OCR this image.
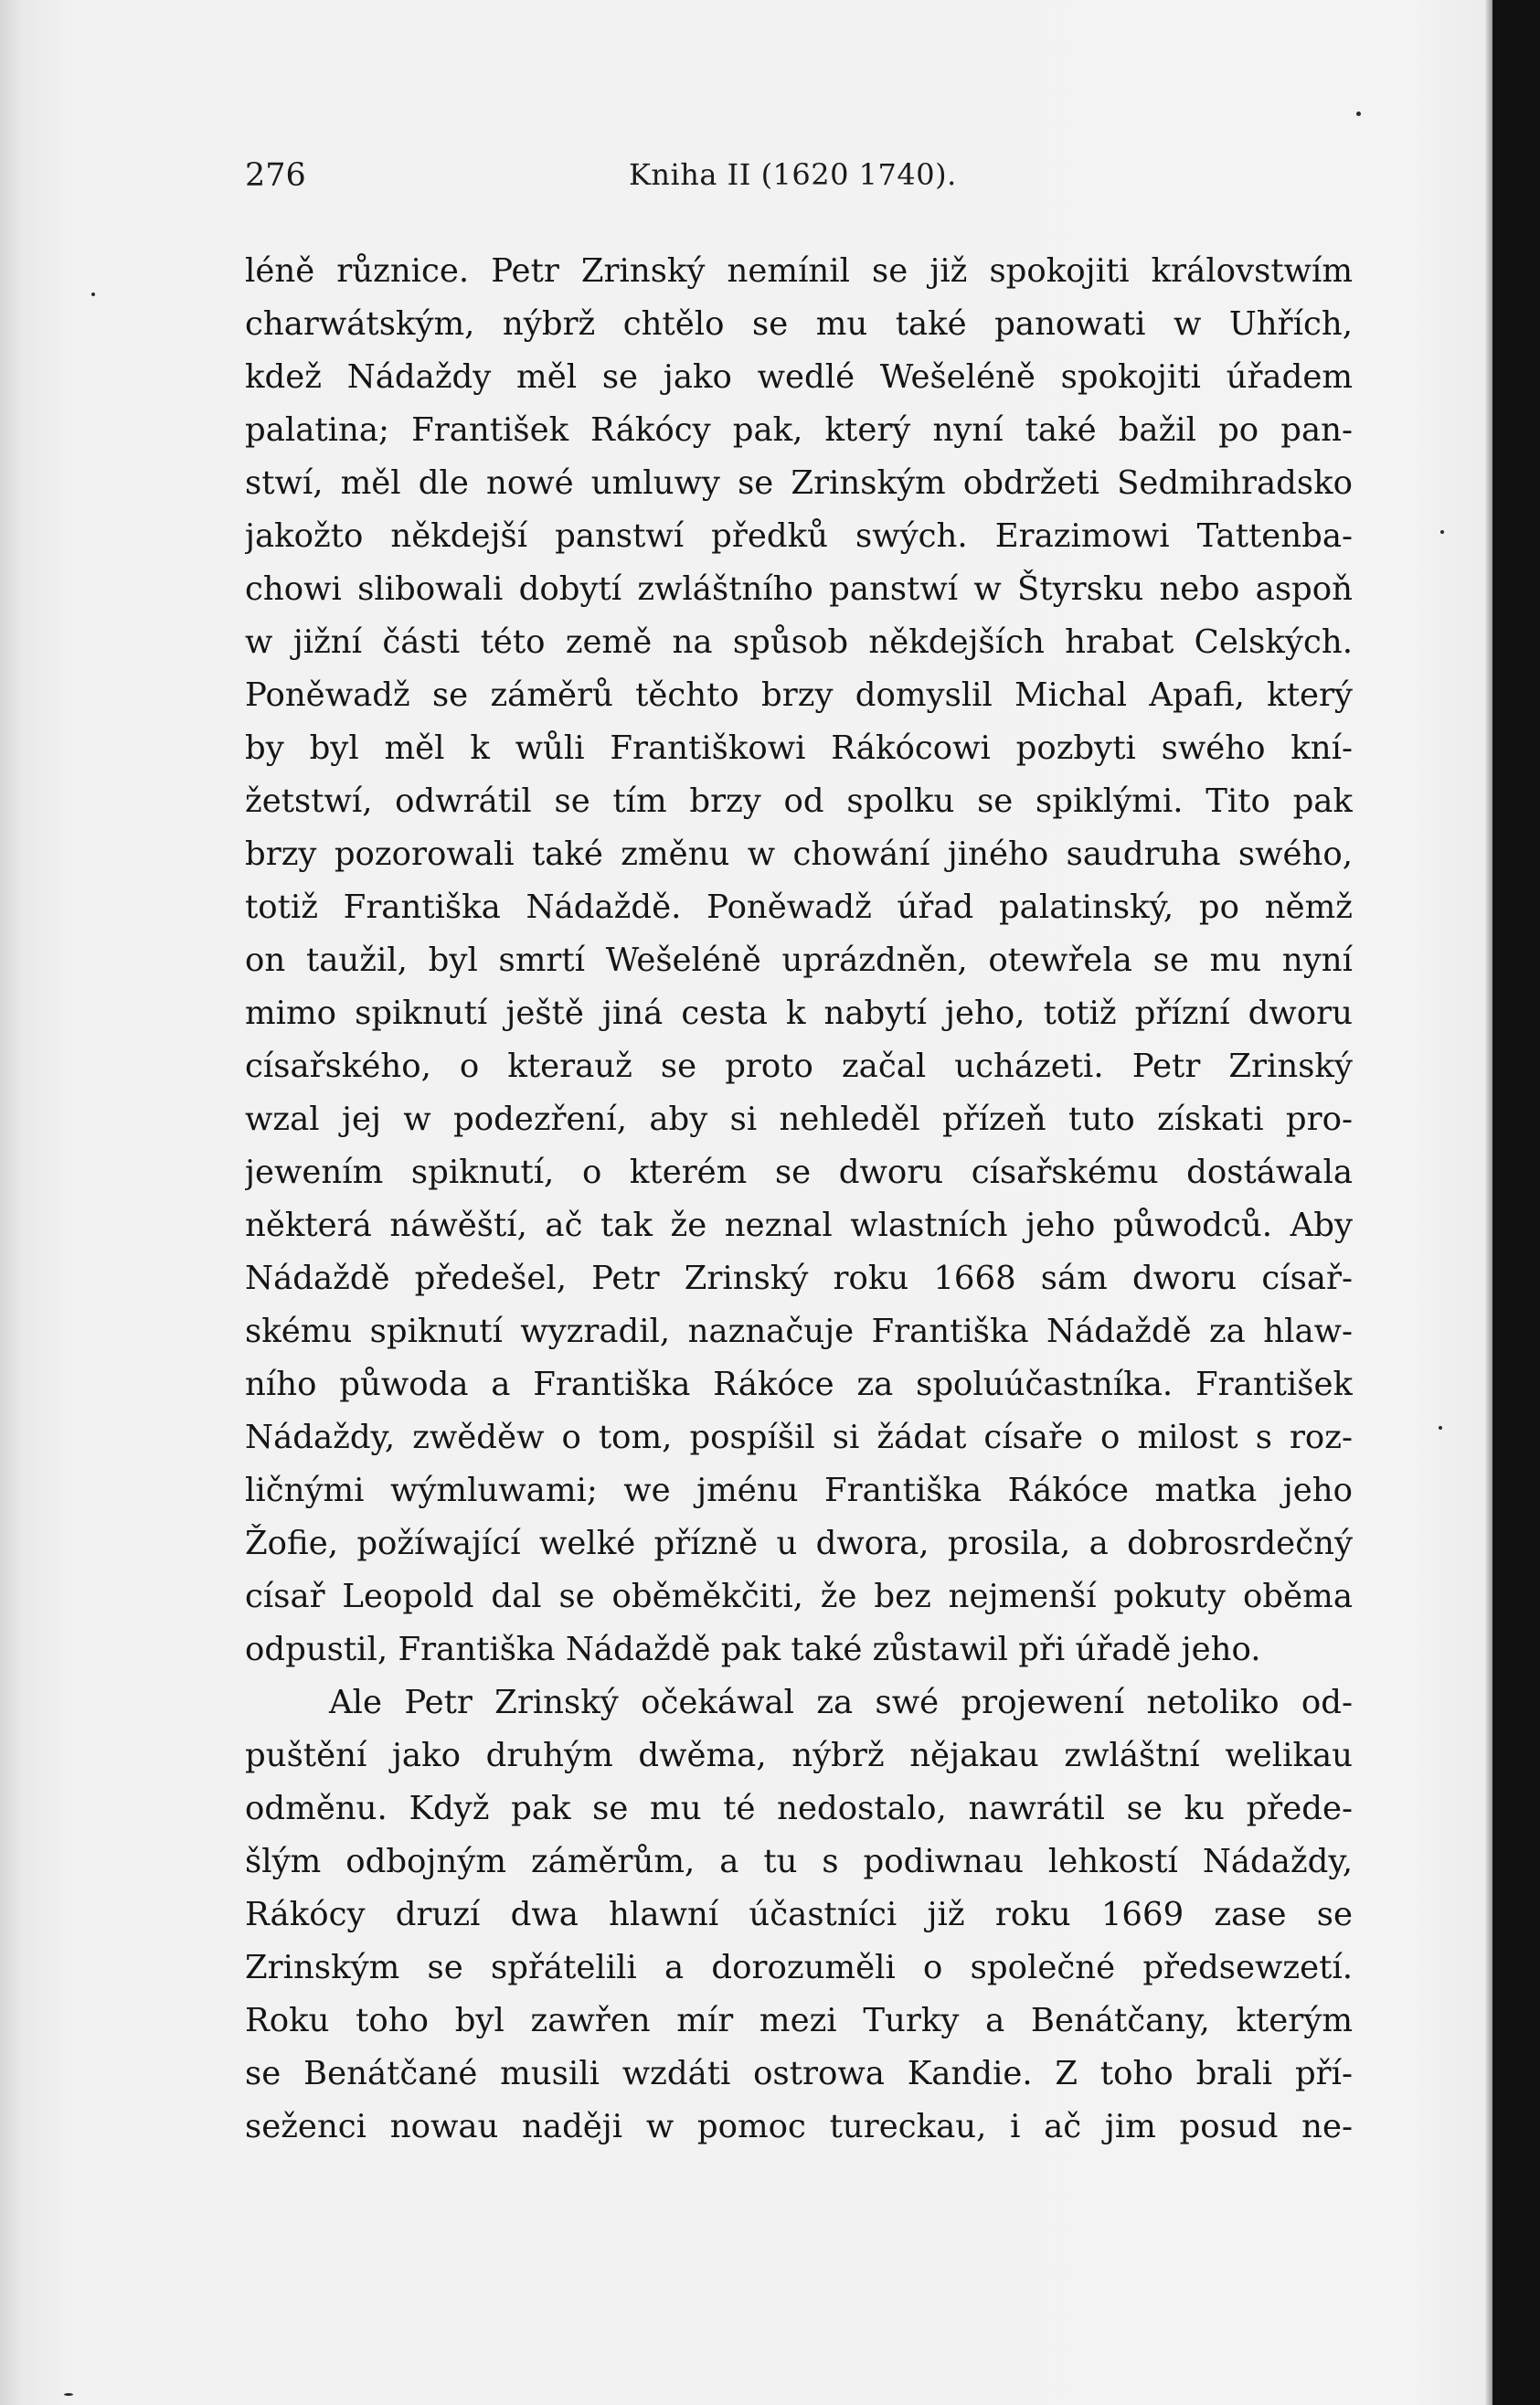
276	Kniha II (1620 1740).
léně různice. Petr Zrinský nemínil se již spokojiti královstwím
charwátským, nýbrž chtělo se mu také panowati w Uhřích,
kdež Nádaždy měl se jako wedlé Wešeléně spokojiti úřadem
palatina; František Rákócy pak, který nyní také bažil po pan-
stwí, měl dle nowé umluwy se Zrinským obdržeti Sedmihradsko
jakožto někdejší panstwí předků swých. Erazimowi Tattenba-
chowi slibowali dobytí zwláštního panstwí w Štyrsku nebo aspoň
w jižní části této země na spůsob někdejších hrabat Celských.
Poněwadž se záměrů těchto brzy domyslil Michal Apafi, který
by byl měl k wůli Františkowi Rákócowi pozbyti swého kní-
žetstwí, odwrátil se tím brzy od spolku se spiklými. Tito pak
brzy pozorowali také změnu w chowání jiného saudruha swého,
totiž Františka Nádaždě. Poněwadž úřad palatinský, po němž
on taužil, byl smrtí Wešeléně uprázdněn, otewřela se mu nyní
mimo spiknutí ještě jiná cesta k nabytí jeho, totiž přízní dworu
císařského, o kterauž se proto začal ucházeti. Petr Zrinský
wzal jej w podezření, aby si nehleděl přízeň tuto získati pro-
jewením spiknutí, o kterém se dworu císařskému dostáwala
některá náwěští, ač tak že neznal wlastních jeho půwodců. Aby
Nádaždě předešel, Petr Zrinský roku 1668 sám dworu císař-
skému spiknutí wyzradil, naznačuje Františka Nádaždě za hlaw-
ního půwoda a Františka Rákóce za spoluúčastníka. František
Nádaždy, zwěděw o tom, pospíšil si žádat císaře o milost s roz-
ličnými wýmluwami; we jménu Františka Rákóce matka jeho
Žofie, požíwající welké přízně u dwora, prosila, a dobrosrdečný
císař Leopold dal se oběměkčiti, že bez nejmenší pokuty oběma
odpustil, Františka Nádaždě pak také zůstawil při úřadě jeho.
Ale Petr Zrinský očekáwal za swé projewení netoliko od-
puštění jako druhým dwěma, nýbrž nějakau zwláštní welikau
odměnu. Když pak se mu té nedostalo, nawrátil se ku přede-
šlým odbojným záměrům, a tu s podiwnau lehkostí Nádaždy,
Rákócy druzí dwa hlawní účastníci již roku 1669 zase se
Zrinským se spřátelili a dorozuměli o společné předsewzetí.
Roku toho byl zawřen mír mezi Turky a Benátčany, kterým
se Benátčané musili wzdáti ostrowa Kandie. Z toho brali pří-
seženci nowau naději w pomoc tureckau, i ač jim posud ne-
